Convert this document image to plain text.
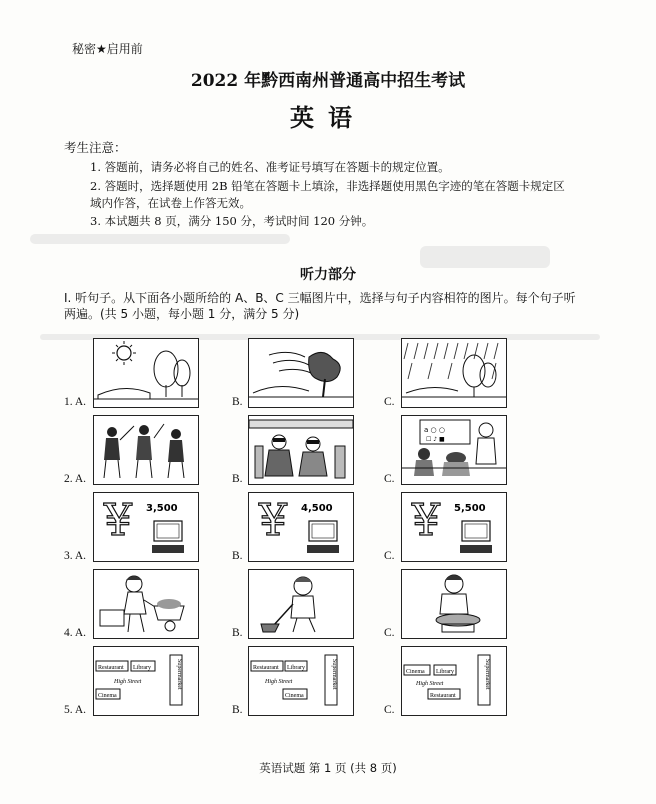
秘密★启用前
2022 年黔西南州普通高中招生考试
英语
考生注意：
1. 答题前，请务必将自己的姓名、准考证号填写在答题卡的规定位置。
2. 答题时，选择题使用 2B 铅笔在答题卡上填涂，非选择题使用黑色字迹的笔在答题卡规定区域内作答，在试卷上作答无效。
3. 本试题共 8 页，满分 150 分，考试时间 120 分钟。
听力部分
I. 听句子。从下面各小题所给的 A、B、C 三幅图片中，选择与句子内容相符的图片。每个句子听两遍。(共 5 小题，每小题 1 分，满分 5 分)
1. A.	B.	C.
2. A.	B.	C.
3. A.	B.	C.
4. A.	B.	C.
5. A.	B.	C.
a ○ ○
☐ ♪ ■
¥ 3,500 ¥ 4,500 ¥ 5,500
Restaurant Library
High Street
Cinema
Supermarket	Restaurant Library
High Street
Cinema
Supermarket	Cinema Library
High Street
Restaurant
Supermarket
英语试题 第 1 页 (共 8 页)
